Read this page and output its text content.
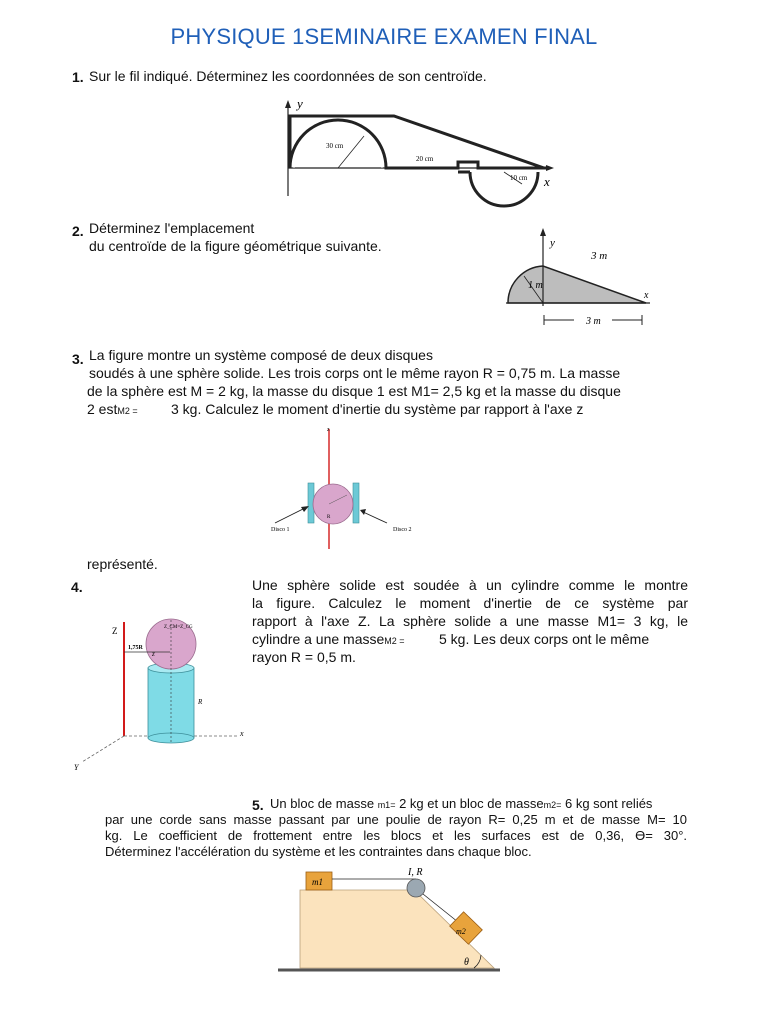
PHYSIQUE 1SEMINAIRE EXAMEN FINAL
1. Sur le fil indiqué. Déterminez les coordonnées de son centroïde.
y
x
30 cm
20 cm
10 cm
2. Déterminez l'emplacement
du centroïde de la figure géométrique suivante.	y
x
3 m
1 m
3 m
3. La figure montre un système composé de deux disques
soudés à une sphère solide. Les trois corps ont le même rayon R = 0,75 m. La masse
de la sphère est M = 2 kg, la masse du disque 1 est M1= 2,5 kg et la masse du disque
2 estM2 = 3 kg. Calculez le moment d'inertie du système par rapport à l'axe z
z
R
Disco 1	Disco 2
représenté.
4.	Une sphère solide est soudée à un cylindre comme le montre
la figure. Calculez le moment d'inertie de ce système par
rapport à l'axe Z. La sphère solide a une masse M1= 3 kg, le
cylindre a une masseM2 = 5 kg. Les deux corps ont le même
rayon R = 0,5 m.
Z
x
Y
1,75R
Z_CM=Z_CG
z
R
5. Un bloc de masse m1= 2 kg et un bloc de massem2= 6 kg sont reliés
par une corde sans masse passant par une poulie de rayon R= 0,25 m et de masse M= 10
kg. Le coefficient de frottement entre les blocs et les surfaces est de 0,36, Ɵ= 30°.
Déterminez l'accélération du système et les contraintes dans chaque bloc.
m1
I, R
m2
θ
